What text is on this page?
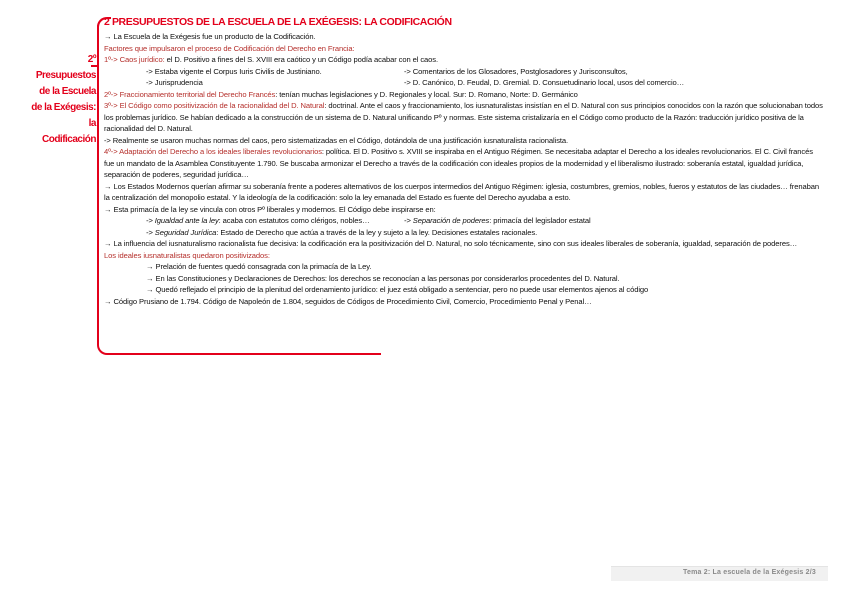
2º
Presupuestos
de la Escuela
de la Exégesis:
la
Codificación
2 PRESUPUESTOS DE LA ESCUELA DE LA EXÉGESIS: LA CODIFICACIÓN
→ La Escuela de la Exégesis fue un producto de la Codificación.
Factores que impulsaron el proceso de Codificación del Derecho en Francia:
1º-> Caos jurídico: el D. Positivo a fines del S. XVIII era caótico y un Código podía acabar con el caos.
-> Estaba vigente el Corpus Iuris Civilis de Justiniano.	-> Comentarios de los Glosadores, Postglosadores y Jurisconsultos,
-> Jurisprudencia	-> D. Canónico, D. Feudal, D. Gremial. D. Consuetudinario local, usos del comercio…
2º-> Fraccionamiento territorial del Derecho Francés: tenían muchas legislaciones y D. Regionales y local. Sur: D. Romano, Norte: D. Germánico
3º-> El Código como positivización de la racionalidad del D. Natural: doctrinal. Ante el caos y fraccionamiento, los iusnaturalistas insistían en el D. Natural con sus principios conocidos con la razón que solucionaban todos los problemas jurídico. Se habían dedicado a la construcción de un sistema de D. Natural unificando Pº y normas. Este sistema cristalizaría en el Código como producto de la Razón: traducción jurídico positiva de la racionalidad del D. Natural.
-> Realmente se usaron muchas normas del caos, pero sistematizadas en el Código, dotándola de una justificación iusnaturalista racionalista.
4º-> Adaptación del Derecho a los ideales liberales revolucionarios: política. El D. Positivo s. XVIII se inspiraba en el Antiguo Régimen. Se necesitaba adaptar el Derecho a los ideales revolucionarios. El C. Civil francés fue un mandato de la Asamblea Constituyente 1.790. Se buscaba armonizar el Derecho a través de la codificación con ideales propios de la modernidad y el liberalismo ilustrado: soberanía estatal, igualdad jurídica, separación de poderes, seguridad jurídica…
→ Los Estados Modernos querían afirmar su soberanía frente a poderes alternativos de los cuerpos intermedios del Antiguo Régimen: iglesia, costumbres, gremios, nobles, fueros y estatutos de las ciudades… frenaban la centralización del monopolio estatal. Y la ideología de la codificación: solo la ley emanada del Estado es fuente del Derecho ayudaba a esto.
→ Esta primacía de la ley se vincula con otros Pº liberales y modernos. El Código debe inspirarse en:
-> Igualdad ante la ley: acaba con estatutos como clérigos, nobles…	-> Separación de poderes: primacía del legislador estatal
-> Seguridad Jurídica: Estado de Derecho que actúa a través de la ley y sujeto a la ley. Decisiones estatales racionales.
→ La influencia del iusnaturalismo racionalista fue decisiva: la codificación era la positivización del D. Natural, no solo técnicamente, sino con sus ideales liberales de soberanía, igualdad, separación de poderes…
Los ideales iusnaturalistas quedaron positivizados:
→ Prelación de fuentes quedó consagrada con la primacía de la Ley.
→ En las Constituciones y Declaraciones de Derechos: los derechos se reconocían a las personas por considerarlos procedentes del D. Natural.
→ Quedó reflejado el principio de la plenitud del ordenamiento jurídico: el juez está obligado a sentenciar, pero no puede usar elementos ajenos al código
→ Código Prusiano de 1.794. Código de Napoleón de 1.804, seguidos de Códigos de Procedimiento Civil, Comercio, Procedimiento Penal y Penal…
Tema 2: La escuela de la Exégesis 2/3
